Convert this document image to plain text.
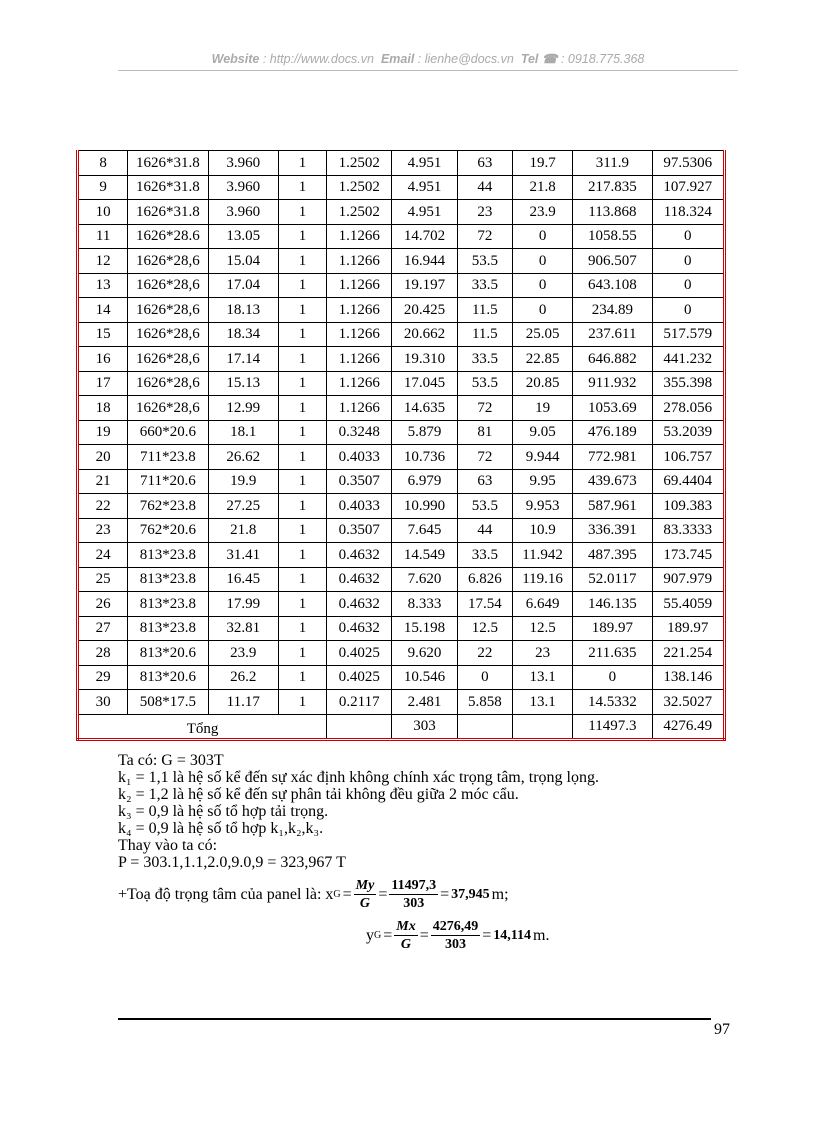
Website : http://www.docs.vn Email : lienhe@docs.vn Tel ☎ : 0918.775.368
8	1626*31.8	3.960	1	1.2502	4.951	63	19.7	311.9	97.5306
9	1626*31.8	3.960	1	1.2502	4.951	44	21.8	217.835	107.927
10	1626*31.8	3.960	1	1.2502	4.951	23	23.9	113.868	118.324
11	1626*28.6	13.05	1	1.1266	14.702	72	0	1058.55	0
12	1626*28,6	15.04	1	1.1266	16.944	53.5	0	906.507	0
13	1626*28,6	17.04	1	1.1266	19.197	33.5	0	643.108	0
14	1626*28,6	18.13	1	1.1266	20.425	11.5	0	234.89	0
15	1626*28,6	18.34	1	1.1266	20.662	11.5	25.05	237.611	517.579
16	1626*28,6	17.14	1	1.1266	19.310	33.5	22.85	646.882	441.232
17	1626*28,6	15.13	1	1.1266	17.045	53.5	20.85	911.932	355.398
18	1626*28,6	12.99	1	1.1266	14.635	72	19	1053.69	278.056
19	660*20.6	18.1	1	0.3248	5.879	81	9.05	476.189	53.2039
20	711*23.8	26.62	1	0.4033	10.736	72	9.944	772.981	106.757
21	711*20.6	19.9	1	0.3507	6.979	63	9.95	439.673	69.4404
22	762*23.8	27.25	1	0.4033	10.990	53.5	9.953	587.961	109.383
23	762*20.6	21.8	1	0.3507	7.645	44	10.9	336.391	83.3333
24	813*23.8	31.41	1	0.4632	14.549	33.5	11.942	487.395	173.745
25	813*23.8	16.45	1	0.4632	7.620	6.826	119.16	52.0117	907.979
26	813*23.8	17.99	1	0.4632	8.333	17.54	6.649	146.135	55.4059
27	813*23.8	32.81	1	0.4632	15.198	12.5	12.5	189.97	189.97
28	813*20.6	23.9	1	0.4025	9.620	22	23	211.635	221.254
29	813*20.6	26.2	1	0.4025	10.546	0	13.1	0	138.146
30	508*17.5	11.17	1	0.2117	2.481	5.858	13.1	14.5332	32.5027
Tổng					303			11497.3	4276.49

Ta có: G = 303T

k₁ = 1,1 là hệ số kể đến sự xác định không chính xác trọng tâm, trọng lọng.

k₂ = 1,2 là hệ số kể đến sự phân tải không đều giữa 2 móc cẩu.

k₃ = 0,9 là hệ số tổ hợp tải trọng.

k₄ = 0,9 là hệ số tổ hợp k₁,k₂,k₃.

Thay vào ta có:

P = 303.1,1.1,2.0,9.0,9 = 323,967 T

+Toạ độ trọng tâm của panel là: x $G = \frac{My}{G} = \frac{11497,3}{303} = 37,945$ m;
y $G = \frac{Mx}{G} = \frac{4276,49}{303} = 14,114$ m.
97
